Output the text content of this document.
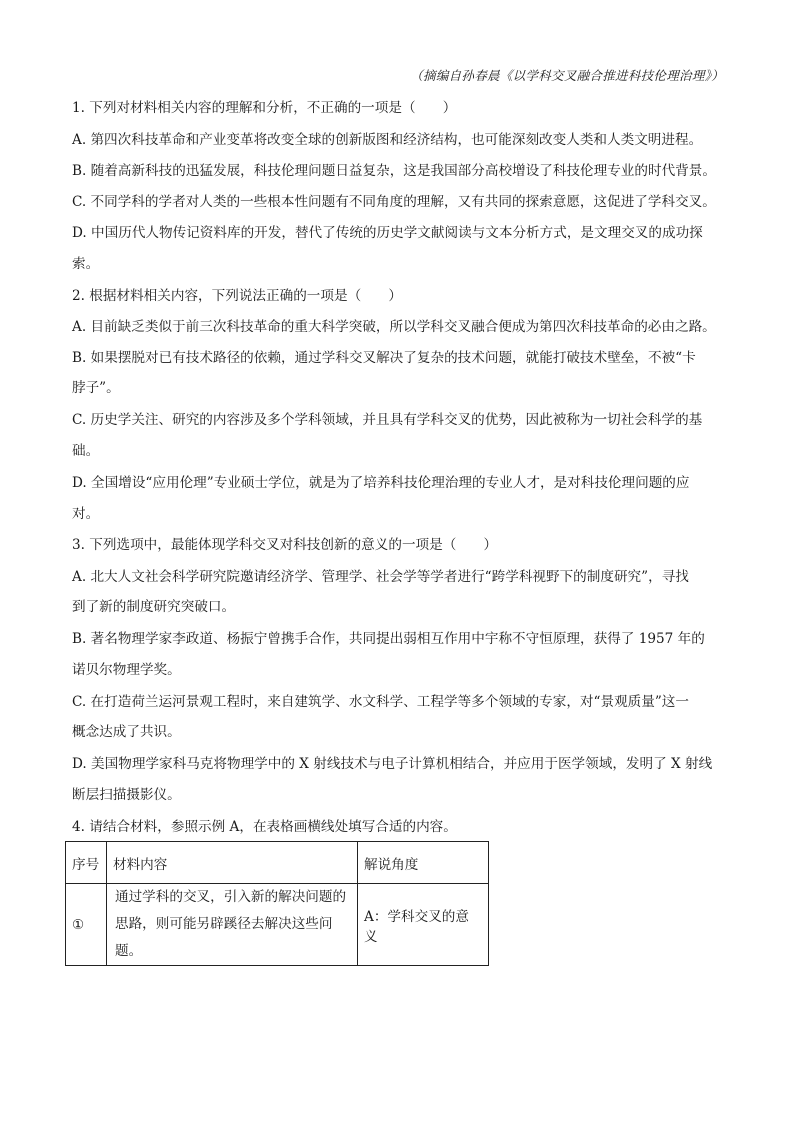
（摘编自孙春晨《以学科交叉融合推进科技伦理治理》）
1. 下列对材料相关内容的理解和分析，不正确的一项是（　　）
A. 第四次科技革命和产业变革将改变全球的创新版图和经济结构，也可能深刻改变人类和人类文明进程。
B. 随着高新科技的迅猛发展，科技伦理问题日益复杂，这是我国部分高校增设了科技伦理专业的时代背景。
C. 不同学科的学者对人类的一些根本性问题有不同角度的理解，又有共同的探索意愿，这促进了学科交叉。
D. 中国历代人物传记资料库的开发，替代了传统的历史学文献阅读与文本分析方式，是文理交叉的成功探
索。
2. 根据材料相关内容，下列说法正确的一项是（　　）
A. 目前缺乏类似于前三次科技革命的重大科学突破，所以学科交叉融合便成为第四次科技革命的必由之路。
B. 如果摆脱对已有技术路径的依赖，通过学科交叉解决了复杂的技术问题，就能打破技术壁垒，不被“卡
脖子”。
C. 历史学关注、研究的内容涉及多个学科领域，并且具有学科交叉的优势，因此被称为一切社会科学的基
础。
D. 全国增设“应用伦理”专业硕士学位，就是为了培养科技伦理治理的专业人才，是对科技伦理问题的应
对。
3. 下列选项中，最能体现学科交叉对科技创新的意义的一项是（　　）
A. 北大人文社会科学研究院邀请经济学、管理学、社会学等学者进行“跨学科视野下的制度研究”，寻找
到了新的制度研究突破口。
B. 著名物理学家李政道、杨振宁曾携手合作，共同提出弱相互作用中宇称不守恒原理，获得了 1957 年的
诺贝尔物理学奖。
C. 在打造荷兰运河景观工程时，来自建筑学、水文科学、工程学等多个领域的专家，对“景观质量”这一
概念达成了共识。
D. 美国物理学家科马克将物理学中的 X 射线技术与电子计算机相结合，并应用于医学领域，发明了 X 射线
断层扫描摄影仪。
4. 请结合材料，参照示例 A，在表格画横线处填写合适的内容。
序号	材料内容	解说角度
①	通过学科的交叉，引入新的解决问题的
思路，则可能另辟蹊径去解决这些问题。	A：学科交叉的意义
